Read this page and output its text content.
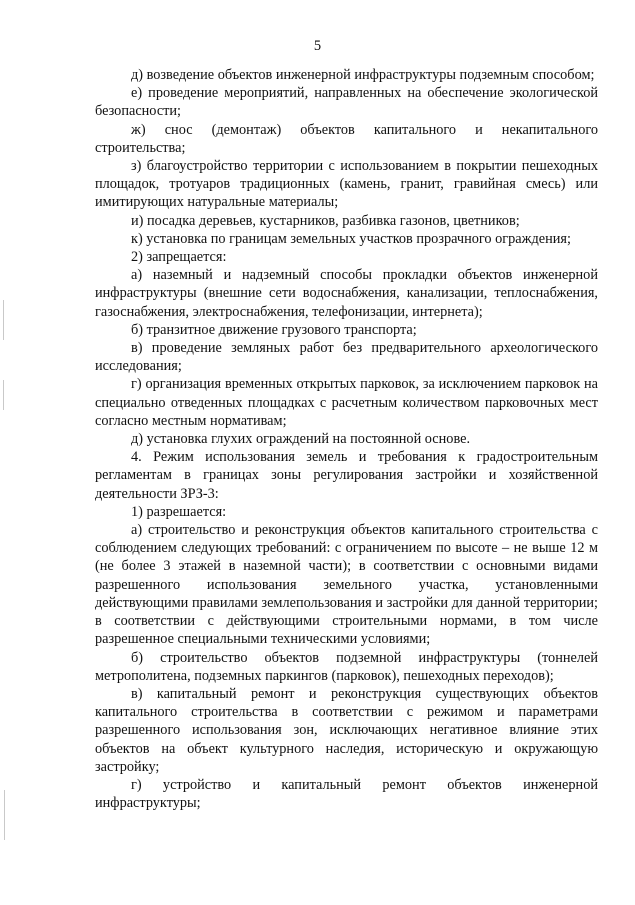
5

д) возведение объектов инженерной инфраструктуры подземным способом;

е) проведение мероприятий, направленных на обеспечение экологической безопасности;

ж) снос (демонтаж) объектов капитального и некапитального строительства;

з) благоустройство территории с использованием в покрытии пешеходных площадок, тротуаров традиционных (камень, гранит, гравийная смесь) или имитирующих натуральные материалы;

и) посадка деревьев, кустарников, разбивка газонов, цветников;

к) установка по границам земельных участков прозрачного ограждения;

2) запрещается:

а) наземный и надземный способы прокладки объектов инженерной инфраструктуры (внешние сети водоснабжения, канализации, теплоснабжения, газоснабжения, электроснабжения, телефонизации, интернета);

б) транзитное движение грузового транспорта;

в) проведение земляных работ без предварительного археологического исследования;

г) организация временных открытых парковок, за исключением парковок на специально отведенных площадках с расчетным количеством парковочных мест согласно местным нормативам;

д) установка глухих ограждений на постоянной основе.

4. Режим использования земель и требования к градостроительным регламентам в границах зоны регулирования застройки и хозяйственной деятельности ЗРЗ-3:

1) разрешается:

а) строительство и реконструкция объектов капитального строительства с соблюдением следующих требований: с ограничением по высоте – не выше 12 м (не более 3 этажей в наземной части); в соответствии с основными видами разрешенного использования земельного участка, установленными действующими правилами землепользования и застройки для данной территории; в соответствии с действующими строительными нормами, в том числе разрешенное специальными техническими условиями;

б) строительство объектов подземной инфраструктуры (тоннелей метрополитена, подземных паркингов (парковок), пешеходных переходов);

в) капитальный ремонт и реконструкция существующих объектов капитального строительства в соответствии с режимом и параметрами разрешенного использования зон, исключающих негативное влияние этих объектов на объект культурного наследия, историческую и окружающую застройку;

г) устройство и капитальный ремонт объектов инженерной инфраструктуры;
